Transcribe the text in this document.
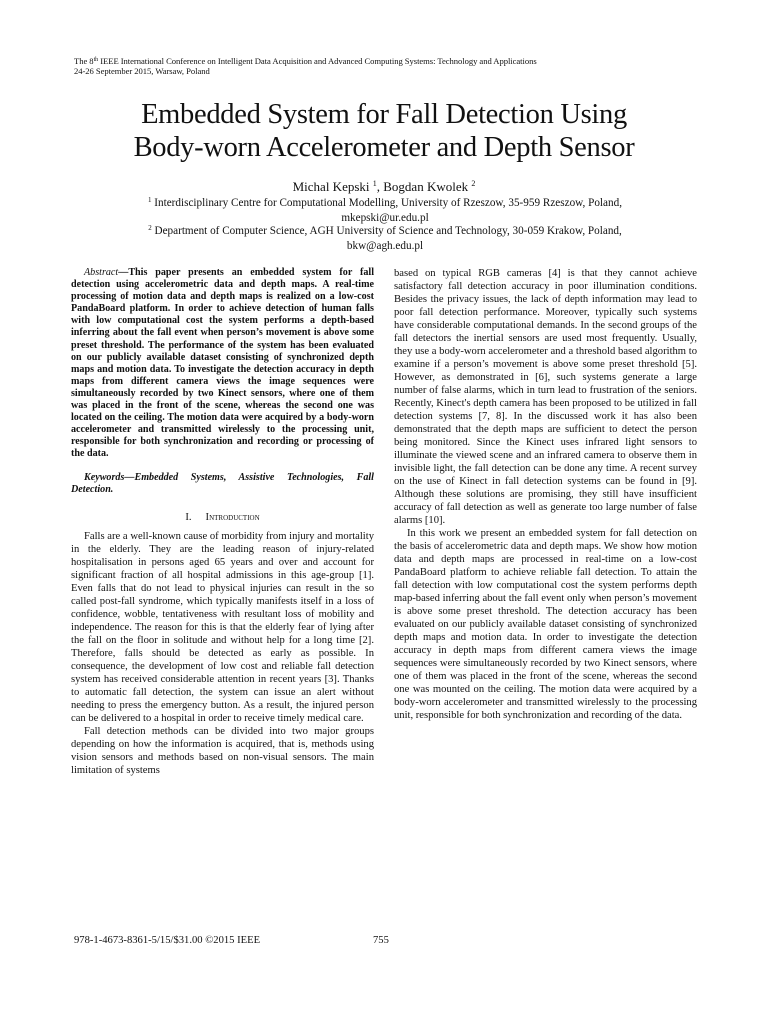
The 8th IEEE International Conference on Intelligent Data Acquisition and Advanced Computing Systems: Technology and Applications
24-26 September 2015, Warsaw, Poland
Embedded System for Fall Detection Using
Body-worn Accelerometer and Depth Sensor
Michal Kepski $^1$, Bogdan Kwolek $^2$
$^1$ Interdisciplinary Centre for Computational Modelling, University of Rzeszow, 35-959 Rzeszow, Poland,
mkepski@ur.edu.pl
$^2$ Department of Computer Science, AGH University of Science and Technology, 30-059 Krakow, Poland,
bkw@agh.edu.pl

Abstract—This paper presents an embedded system for fall detection using accelerometric data and depth maps. A real-time processing of motion data and depth maps is realized on a low-cost PandaBoard platform. In order to achieve detection of human falls with low computational cost the system performs a depth-based inferring about the fall event when person’s movement is above some preset threshold. The performance of the system has been evaluated on our publicly available dataset consisting of synchronized depth maps and motion data. To investigate the detection accuracy in depth maps from different camera views the image sequences were simultaneously recorded by two Kinect sensors, where one of them was placed in the front of the scene, whereas the second one was located on the ceiling. The motion data were acquired by a body-worn accelerometer and transmitted wirelessly to the processing unit, responsible for both synchronization and recording or processing of the data.

Keywords—Embedded Systems, Assistive Technologies, Fall Detection.

I. Introduction

Falls are a well-known cause of morbidity from injury and mortality in the elderly. They are the leading reason of injury-related hospitalisation in persons aged 65 years and over and account for significant fraction of all hospital admissions in this age-group [1]. Even falls that do not lead to physical injuries can result in the so called post-fall syndrome, which typically manifests itself in a loss of confidence, wobble, tentativeness with resultant loss of mobility and independence. The reason for this is that the elderly fear of lying after the fall on the floor in solitude and without help for a long time [2]. Therefore, falls should be detected as early as possible. In consequence, the development of low cost and reliable fall detection system has received considerable attention in recent years [3]. Thanks to automatic fall detection, the system can issue an alert without needing to press the emergency button. As a result, the injured person can be delivered to a hospital in order to receive timely medical care.

Fall detection methods can be divided into two major groups depending on how the information is acquired, that is, methods using vision sensors and methods based on non-visual sensors. The main limitation of systems

based on typical RGB cameras [4] is that they cannot achieve satisfactory fall detection accuracy in poor illumination conditions. Besides the privacy issues, the lack of depth information may lead to poor fall detection performance. Moreover, typically such systems have considerable computational demands. In the second groups of the fall detectors the inertial sensors are used most frequently. Usually, they use a body-worn accelerometer and a threshold based algorithm to examine if a person’s movement is above some preset threshold [5]. However, as demonstrated in [6], such systems generate a large number of false alarms, which in turn lead to frustration of the seniors. Recently, Kinect's depth camera has been proposed to be utilized in fall detection systems [7, 8]. In the discussed work it has also been demonstrated that the depth maps are sufficient to detect the person being monitored. Since the Kinect uses infrared light sensors to illuminate the viewed scene and an infrared camera to observe them in invisible light, the fall detection can be done any time. A recent survey on the use of Kinect in fall detection systems can be found in [9]. Although these solutions are promising, they still have insufficient accuracy of fall detection as well as generate too large number of false alarms [10].

In this work we present an embedded system for fall detection on the basis of accelerometric data and depth maps. We show how motion data and depth maps are processed in real-time on a low-cost PandaBoard platform to achieve reliable fall detection. To attain the fall detection with low computational cost the system performs depth map-based inferring about the fall event only when person’s movement is above some preset threshold. The detection accuracy has been evaluated on our publicly available dataset consisting of synchronized depth maps and motion data. In order to investigate the detection accuracy in depth maps from different camera views the image sequences were simultaneously recorded by two Kinect sensors, where one of them was placed in the front of the scene, whereas the second one was mounted on the ceiling. The motion data were acquired by a body-worn accelerometer and transmitted wirelessly to the processing unit, responsible for both synchronization and recording of the data.

978-1-4673-8361-5/15/$31.00 ©2015 IEEE	755
